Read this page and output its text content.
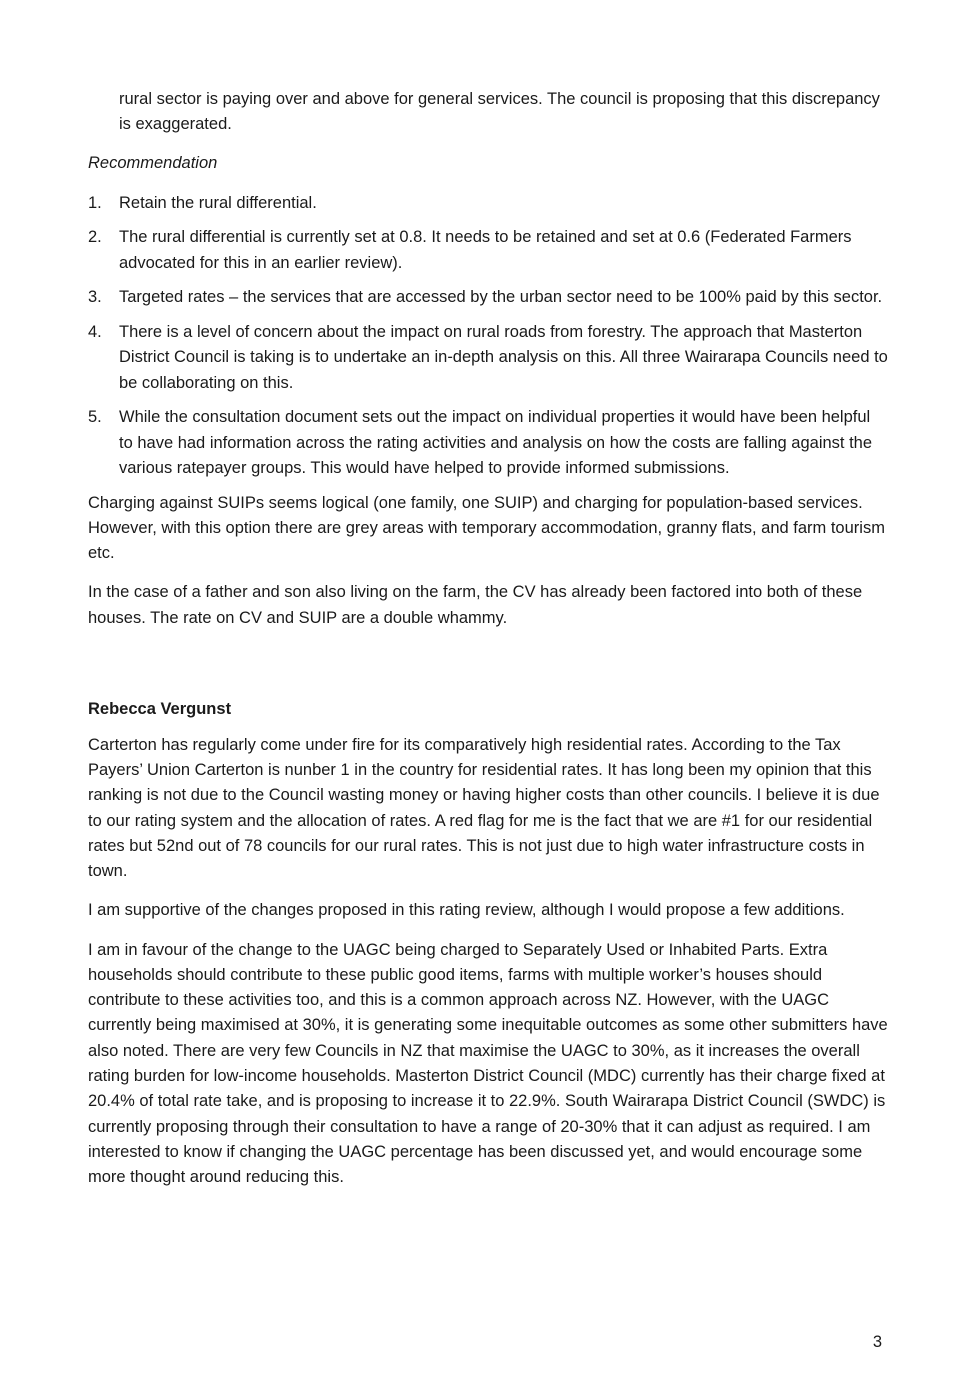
rural sector is paying over and above for general services. The council is proposing that this discrepancy is exaggerated.

Recommendation

1.	Retain the rural differential.
2.	The rural differential is currently set at 0.8. It needs to be retained and set at 0.6 (Federated Farmers advocated for this in an earlier review).
3.	Targeted rates – the services that are accessed by the urban sector need to be 100% paid by this sector.
4.	There is a level of concern about the impact on rural roads from forestry. The approach that Masterton District Council is taking is to undertake an in-depth analysis on this. All three Wairarapa Councils need to be collaborating on this.
5.	While the consultation document sets out the impact on individual properties it would have been helpful to have had information across the rating activities and analysis on how the costs are falling against the various ratepayer groups. This would have helped to provide informed submissions.

Charging against SUIPs seems logical (one family, one SUIP) and charging for population-based services. However, with this option there are grey areas with temporary accommodation, granny flats, and farm tourism etc.

In the case of a father and son also living on the farm, the CV has already been factored into both of these houses. The rate on CV and SUIP are a double whammy.

Rebecca Vergunst

Carterton has regularly come under fire for its comparatively high residential rates. According to the Tax Payers’ Union Carterton is nunber 1 in the country for residential rates. It has long been my opinion that this ranking is not due to the Council wasting money or having higher costs than other councils. I believe it is due to our rating system and the allocation of rates. A red flag for me is the fact that we are #1 for our residential rates but 52nd out of 78 councils for our rural rates. This is not just due to high water infrastructure costs in town.

I am supportive of the changes proposed in this rating review, although I would propose a few additions.

I am in favour of the change to the UAGC being charged to Separately Used or Inhabited Parts. Extra households should contribute to these public good items, farms with multiple worker’s houses should contribute to these activities too, and this is a common approach across NZ. However, with the UAGC currently being maximised at 30%, it is generating some inequitable outcomes as some other submitters have also noted. There are very few Councils in NZ that maximise the UAGC to 30%, as it increases the overall rating burden for low-income households. Masterton District Council (MDC) currently has their charge fixed at 20.4% of total rate take, and is proposing to increase it to 22.9%. South Wairarapa District Council (SWDC) is currently proposing through their consultation to have a range of 20-30% that it can adjust as required. I am interested to know if changing the UAGC percentage has been discussed yet, and would encourage some more thought around reducing this.

3
